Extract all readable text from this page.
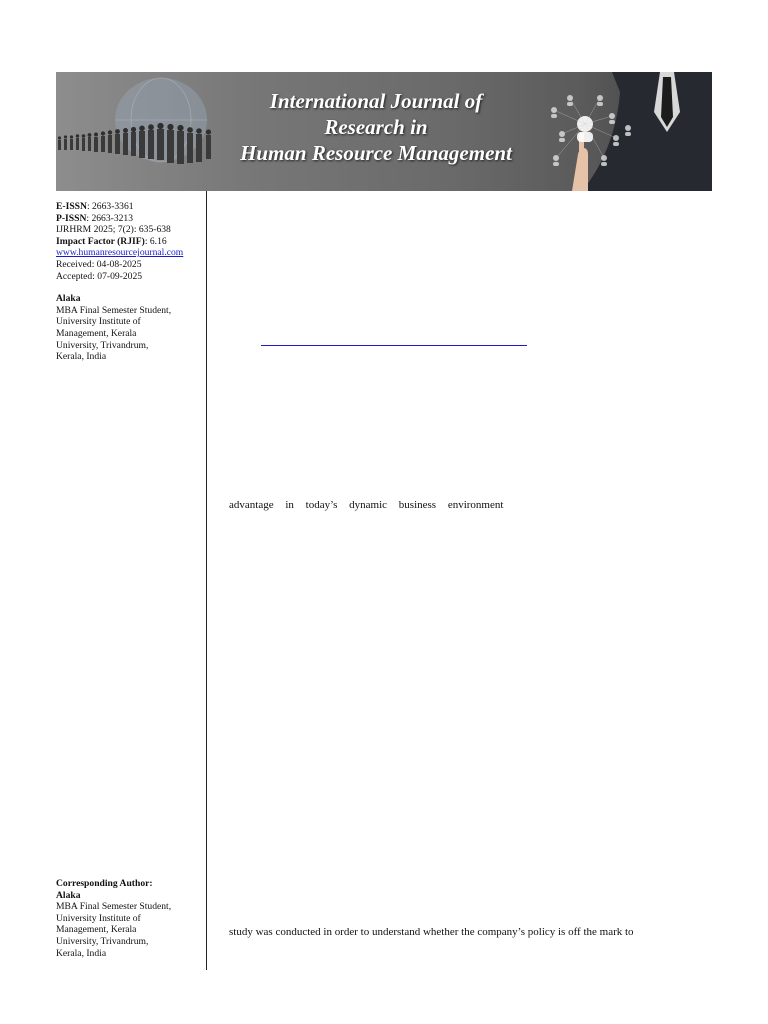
International Journal of
Research in
Human Resource Management
E-ISSN: 2663-3361
P-ISSN: 2663-3213
IJRHRM 2025; 7(2): 635-638
Impact Factor (RJIF): 6.16
www.humanresourcejournal.com
Received: 04-08-2025
Accepted: 07-09-2025
Alaka
MBA Final Semester Student,
University Institute of
Management, Kerala
University, Trivandrum,
Kerala, India
advantage in today’s dynamic business environment
Corresponding Author:
Alaka
MBA Final Semester Student,
University Institute of
Management, Kerala
University, Trivandrum,
Kerala, India
study was conducted in order to understand whether the company’s policy is off the mark to
